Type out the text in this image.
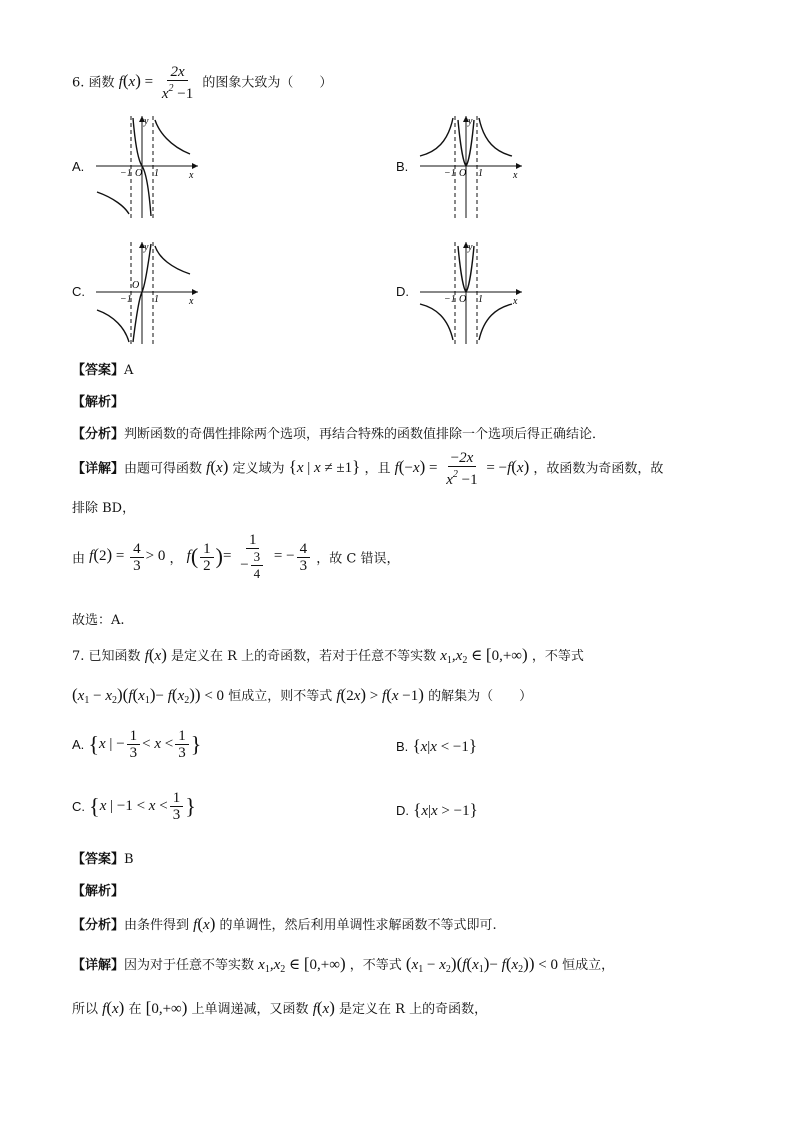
6. 函数 $f(x) = \frac{2x}{x^2 -1}$ 的图象大致为（　　）
A.	B.
C.	D.
y
x
−1 O 1
y
x
−1 O 1
y
x
−1
O
1
y
x
−1 O 1
【答案】A
【解析】
【分析】判断函数的奇偶性排除两个选项，再结合特殊的函数值排除一个选项后得正确结论．
【详解】由题可得函数 f(x) 定义域为 {x | x ≠ ±1} ，且 $f(-x) = \frac{-2x}{x^2 -1} = -f(x)$ ，故函数为奇函数，故
排除 BD，
由 $f(2) = \frac{4}{3} > 0$ ， $f( \frac{1}{2}$ )= $\frac{1}{- \frac{3}{4}}$ = − $\frac{4}{3}$ ，故 C 错误，
故选：A.
7. 已知函数 f(x) 是定义在 R 上的奇函数，若对于任意不等实数 $x_1,x_2$ ∈ [0,+∞) ，不等式
$(x_1 - x_2)(f(x_1)- f(x_2)) < 0$ 恒成立，则不等式 f(2x) > f(x −1) 的解集为（　　）
A. {x | − $\frac{1}{3} < x < \frac{1}{3}$ }	B. {x|x < −1}
C. {x | $-1 < x < \frac{1}{3}$ }	D. {x|x > −1}
【答案】B
【解析】
【分析】由条件得到 f(x) 的单调性，然后利用单调性求解函数不等式即可.
【详解】因为对于任意不等实数 $x_1,x_2$ ∈ [0,+∞) ，不等式 $(x_1 - x_2)(f(x_1)- f(x_2)) < 0$ 恒成立，
所以 f(x) 在 [0,+∞) 上单调递减，又函数 f(x) 是定义在 R 上的奇函数，
